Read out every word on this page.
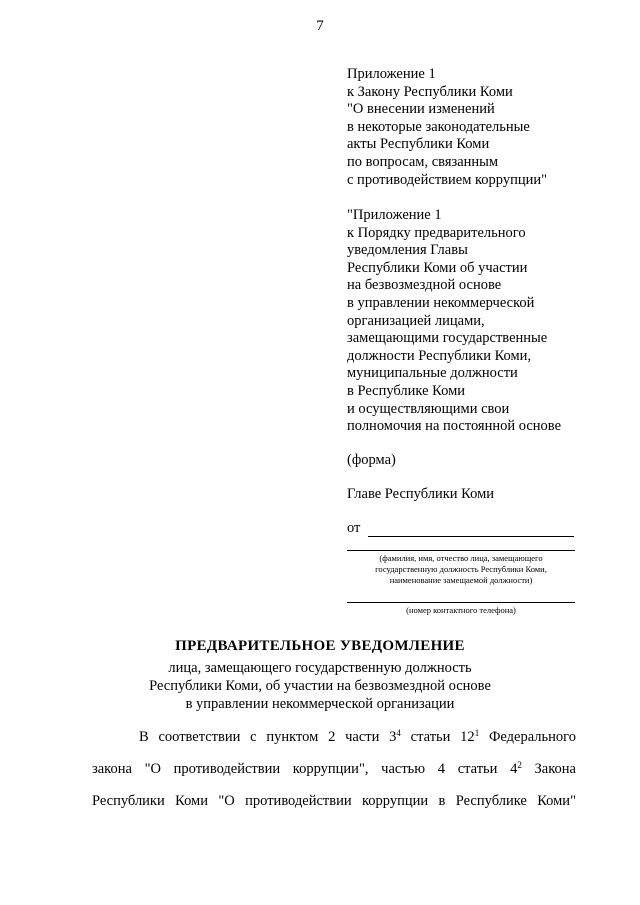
7
Приложение 1
к Закону Республики Коми
"О внесении изменений
в некоторые законодательные
акты Республики Коми
по вопросам, связанным
с противодействием коррупции"
"Приложение 1
к Порядку предварительного
уведомления Главы
Республики Коми об участии
на безвозмездной основе
в управлении некоммерческой
организацией лицами,
замещающими государственные
должности Республики Коми,
муниципальные должности
в Республике Коми
и осуществляющими свои
полномочия на постоянной основе
(форма)
Главе Республики Коми
от
(фамилия, имя, отчество лица, замещающего
государственную должность Республики Коми,
наименование замещаемой должности)
(номер контактного телефона)
ПРЕДВАРИТЕЛЬНОЕ УВЕДОМЛЕНИЕ
лица, замещающего государственную должность
Республики Коми, об участии на безвозмездной основе
в управлении некоммерческой организации
В соответствии с пунктом 2 части $3^4$ статьи $12^1$ Федерального
закона "О противодействии коррупции", частью 4 статьи $4^2$ Закона
Республики Коми "О противодействии коррупции в Республике Коми"
